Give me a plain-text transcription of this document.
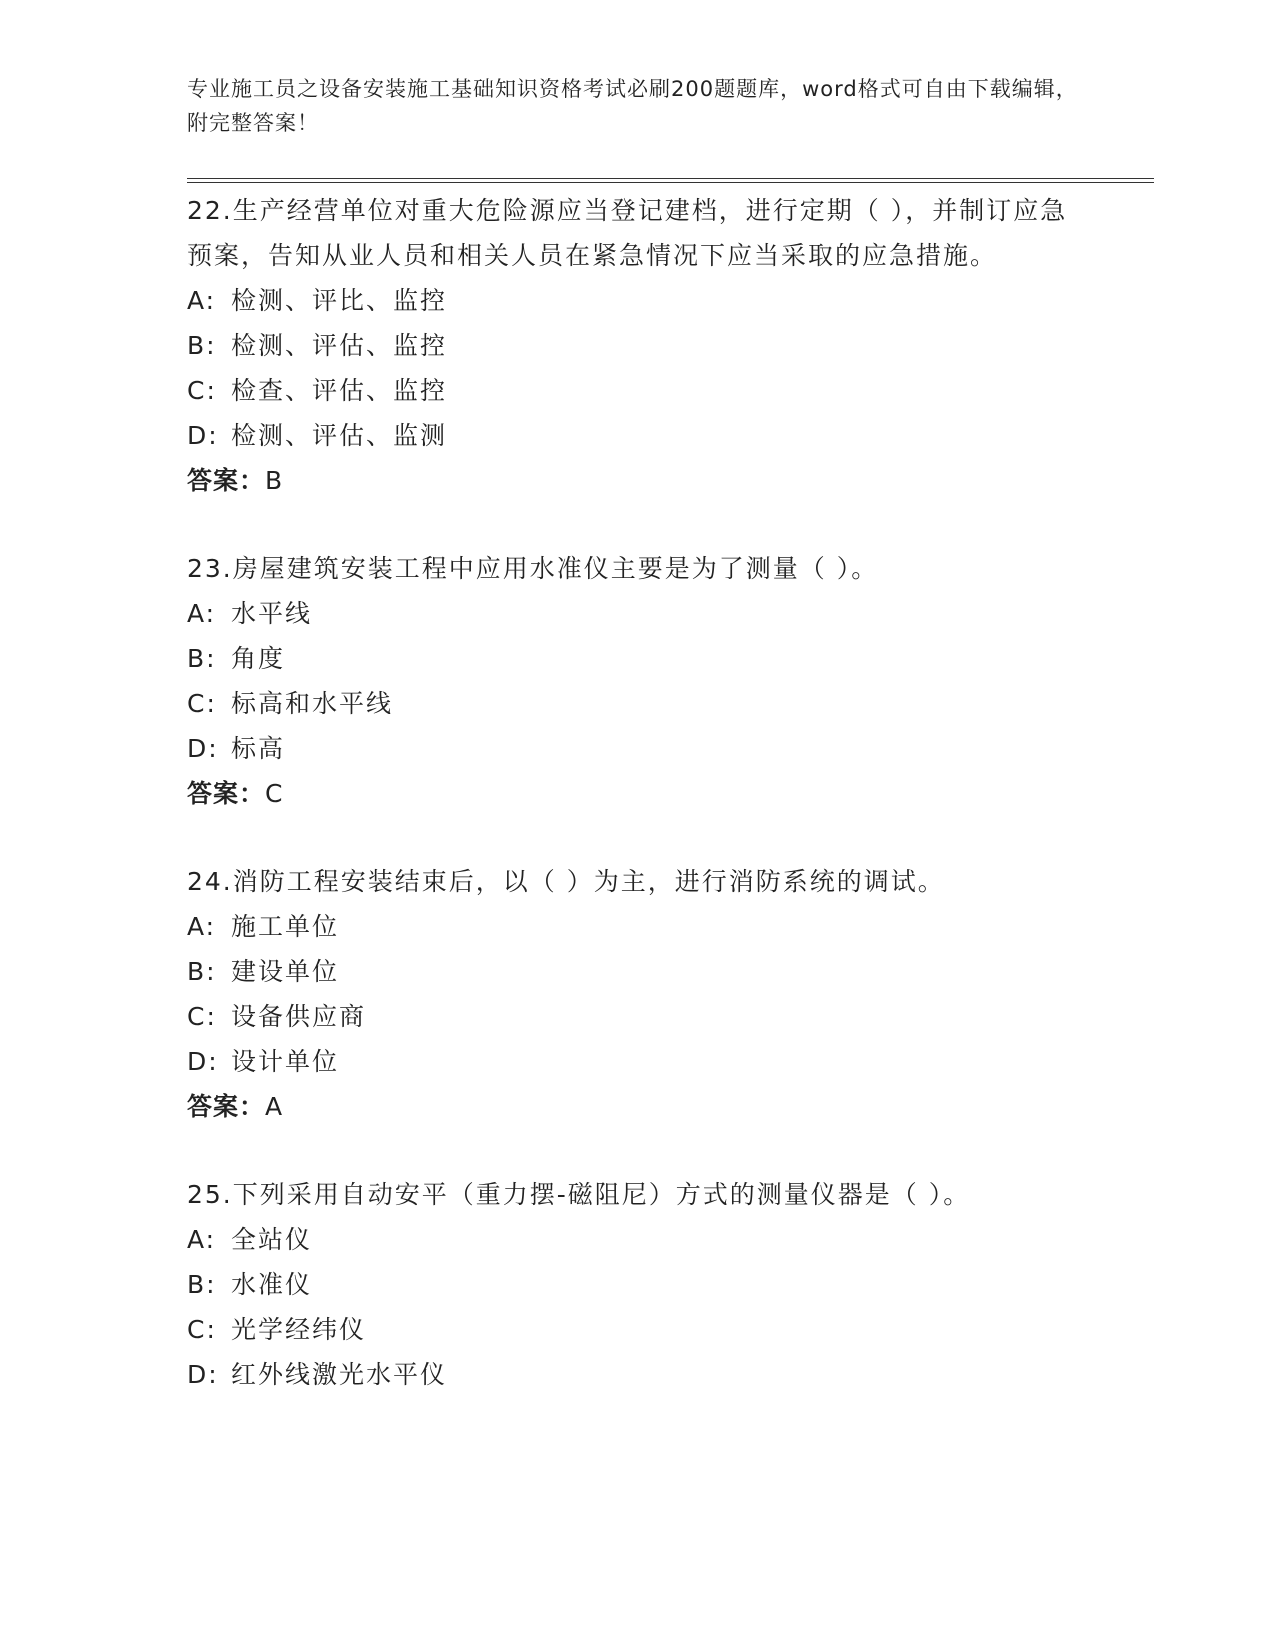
专业施工员之设备安装施工基础知识资格考试必刷200题题库，word格式可自由下载编辑，附完整答案！

22.生产经营单位对重大危险源应当登记建档，进行定期（ ），并制订应急预案，告知从业人员和相关人员在紧急情况下应当采取的应急措施。

A: 检测、评比、监控
B: 检测、评估、监控
C: 检查、评估、监控
D: 检测、评估、监测
答案：B

23.房屋建筑安装工程中应用水准仪主要是为了测量（ ）。

A: 水平线
B: 角度
C: 标高和水平线
D: 标高
答案：C

24.消防工程安装结束后，以（ ）为主，进行消防系统的调试。

A: 施工单位
B: 建设单位
C: 设备供应商
D: 设计单位
答案：A

25.下列采用自动安平（重力摆-磁阻尼）方式的测量仪器是（ ）。

A: 全站仪
B: 水准仪
C: 光学经纬仪
D: 红外线激光水平仪
